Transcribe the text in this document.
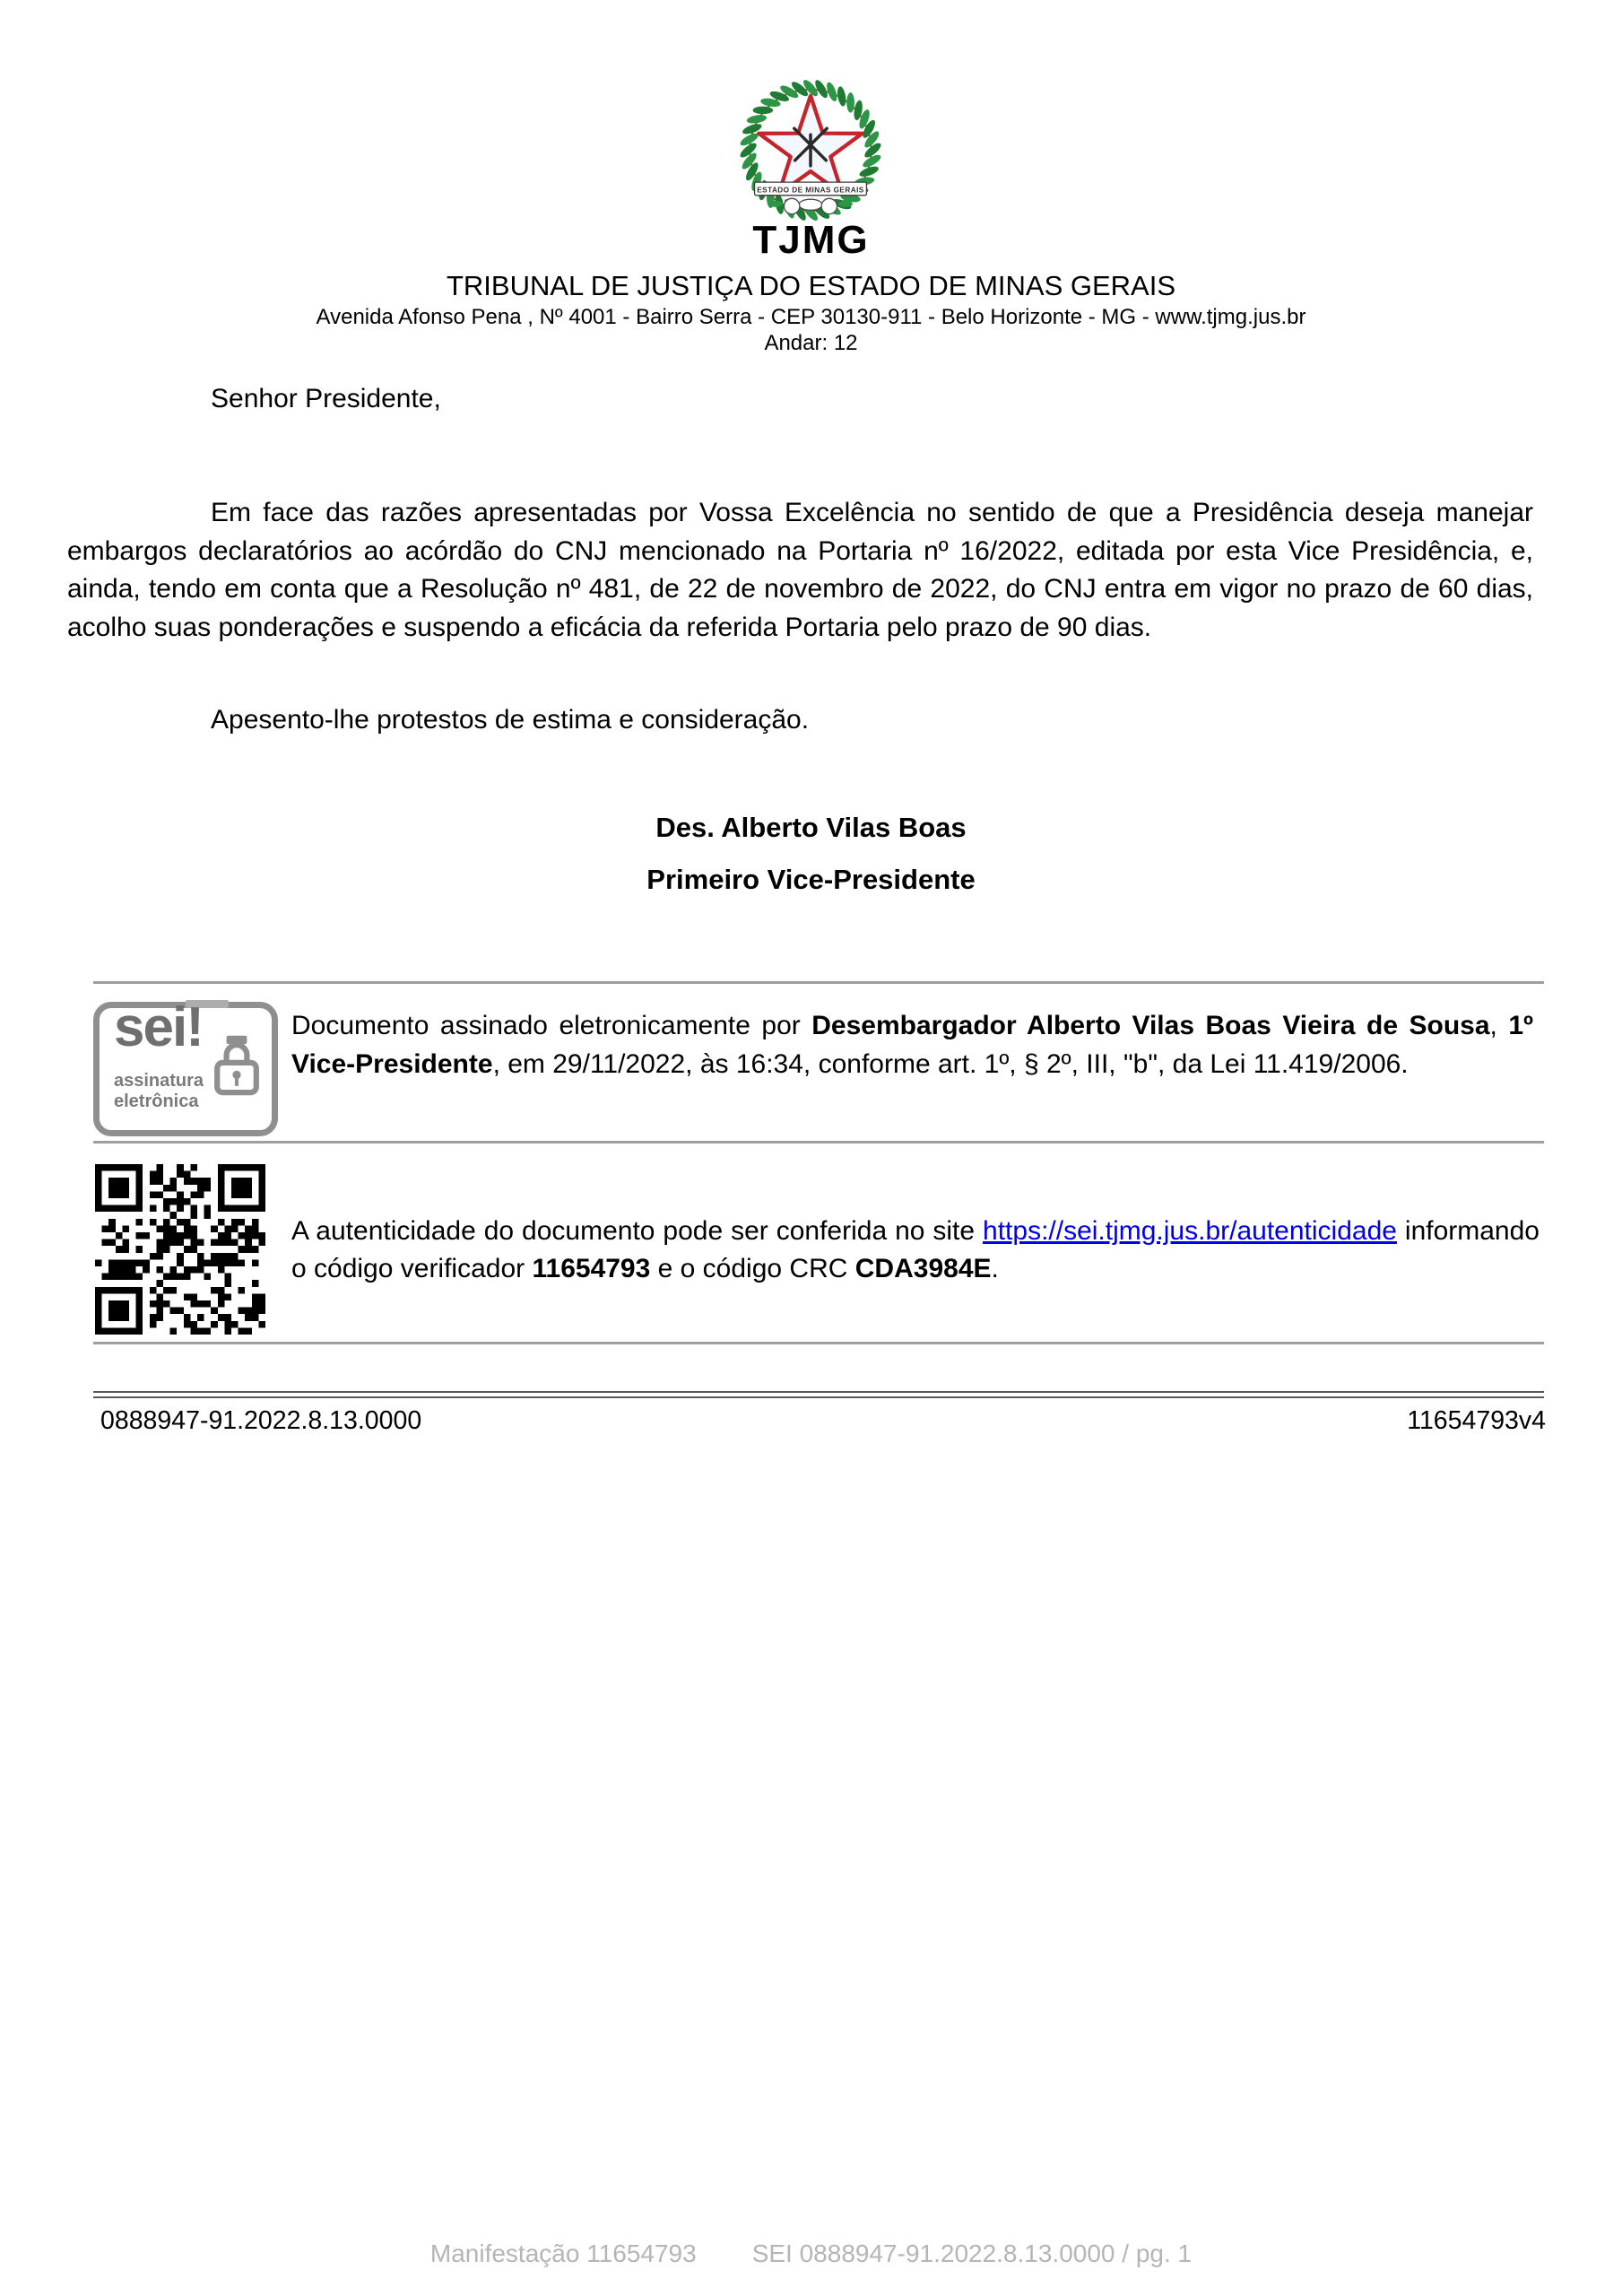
ESTADO DE MINAS GERAIS
TJMG
TRIBUNAL DE JUSTIÇA DO ESTADO DE MINAS GERAIS
Avenida Afonso Pena , Nº 4001 - Bairro Serra - CEP 30130-911 - Belo Horizonte - MG - www.tjmg.jus.br
Andar: 12
Senhor Presidente,

Em face das razões apresentadas por Vossa Excelência no sentido de que a Presidência deseja manejar embargos declaratórios ao acórdão do CNJ mencionado na Portaria nº 16/2022, editada por esta Vice Presidência, e, ainda, tendo em conta que a Resolução nº 481, de 22 de novembro de 2022, do CNJ entra em vigor no prazo de 60 dias, acolho suas ponderações e suspendo a eficácia da referida Portaria pelo prazo de 90 dias.

Apesento-lhe protestos de estima e consideração.
Des. Alberto Vilas Boas
Primeiro Vice-Presidente
sei!
assinatura
eletrônica

Documento assinado eletronicamente por Desembargador Alberto Vilas Boas Vieira de Sousa, 1º Vice-Presidente, em 29/11/2022, às 16:34, conforme art. 1º, § 2º, III, "b", da Lei 11.419/2006.

A autenticidade do documento pode ser conferida no site https://sei.tjmg.jus.br/autenticidade informando o código verificador 11654793 e o código CRC CDA3984E.

0888947-91.2022.8.13.0000	11654793v4
Manifestação 11654793 SEI 0888947-91.2022.8.13.0000 / pg. 1
